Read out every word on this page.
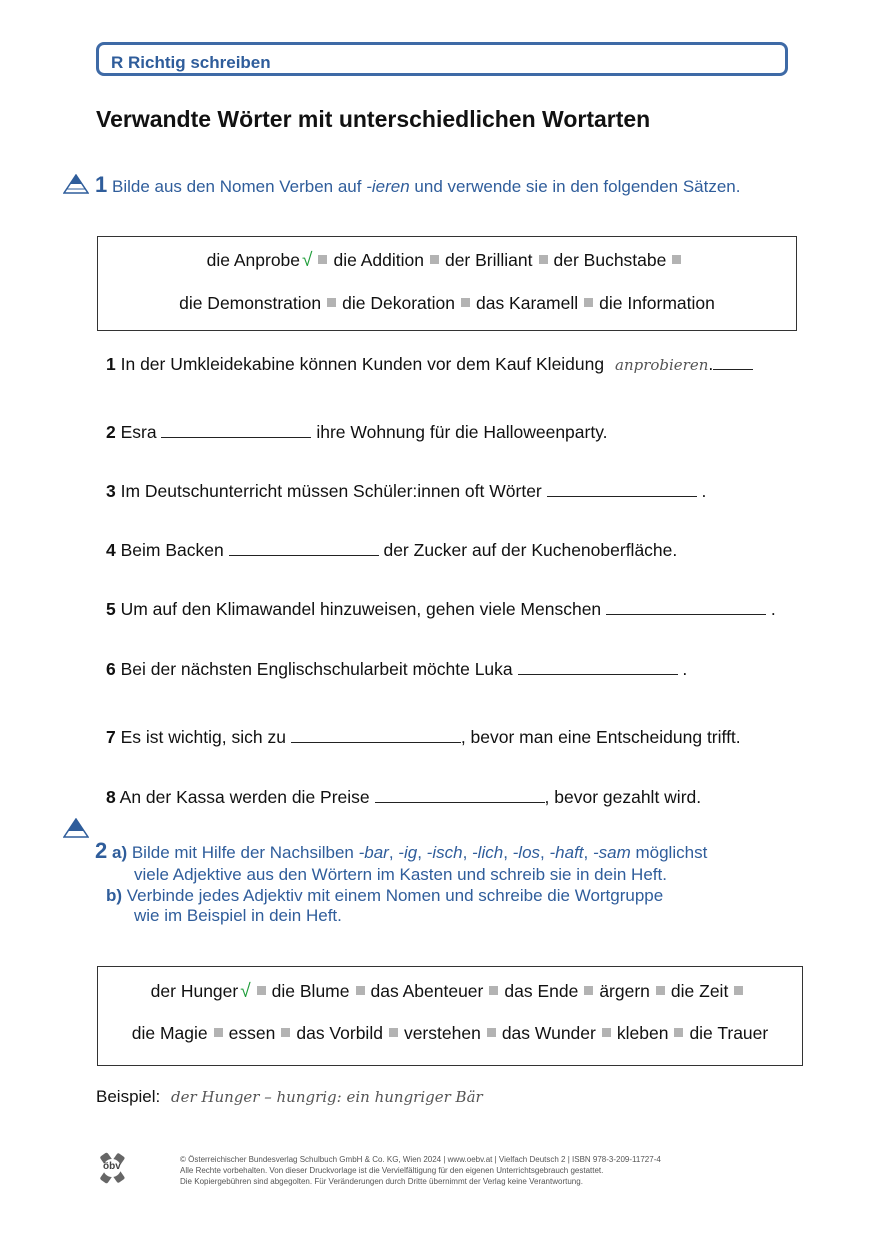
R Richtig schreiben
Verwandte Wörter mit unterschiedlichen Wortarten
1 Bilde aus den Nomen Verben auf -ieren und verwende sie in den folgenden Sätzen.
die Anprobe √ die Addition der Brilliant der Buchstabe
die Demonstration die Dekoration das Karamell die Information
1 In der Umkleidekabine können Kunden vor dem Kauf Kleidung anprobieren.
2 Esra	ihre Wohnung für die Halloweenparty.
3 Im Deutschunterricht müssen Schüler:innen oft Wörter	.
4 Beim Backen	der Zucker auf der Kuchenoberfläche.
5 Um auf den Klimawandel hinzuweisen, gehen viele Menschen	.
6 Bei der nächsten Englischschularbeit möchte Luka	.
7 Es ist wichtig, sich zu	, bevor man eine Entscheidung trifft.
8 An der Kassa werden die Preise	, bevor gezahlt wird.
2 a) Bilde mit Hilfe der Nachsilben -bar, -ig, -isch, -lich, -los, -haft, -sam möglichst
viele Adjektive aus den Wörtern im Kasten und schreib sie in dein Heft.
b) Verbinde jedes Adjektiv mit einem Nomen und schreibe die Wortgruppe
wie im Beispiel in dein Heft.
der Hunger √ die Blume das Abenteuer das Ende ärgern die Zeit
die Magie essen das Vorbild verstehen das Wunder kleben die Trauer
Beispiel: der Hunger – hungrig: ein hungriger Bär
öbv
© Österreichischer Bundesverlag Schulbuch GmbH & Co. KG, Wien 2024 | www.oebv.at | Vielfach Deutsch 2 | ISBN 978-3-209-11727-4
Alle Rechte vorbehalten. Von dieser Druckvorlage ist die Vervielfältigung für den eigenen Unterrichtsgebrauch gestattet.
Die Kopiergebühren sind abgegolten. Für Veränderungen durch Dritte übernimmt der Verlag keine Verantwortung.
